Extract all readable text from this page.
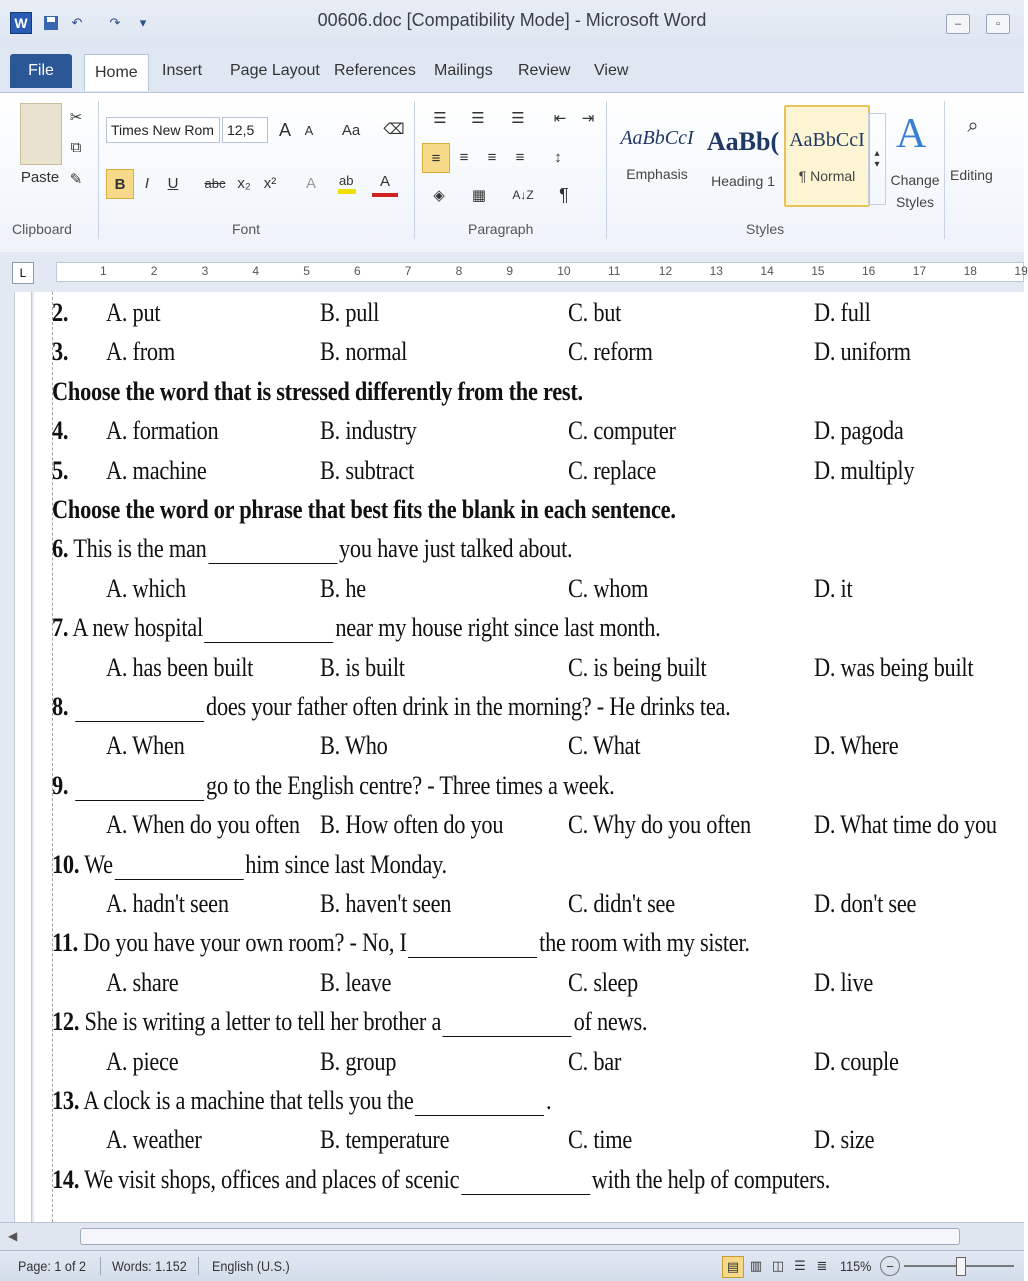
W	↶	↷	▾	00606.doc [Compatibility Mode] - Microsoft Word	–	▫
File	Home	Insert	Page Layout References	Mailings	Review	View
Paste
✂
⧉
✎
Clipboard
Times New Rom 12,5	A	A	Aa	⌫
B	I	U	abc x₂ x²	A	ab	A
Font
☰	☰	☰	⇤	⇥
≡	≡	≡	≡	↕
◈	▦	A↓Z	¶
Paragraph
AaBbCcI
Emphasis
AaBb(
Heading 1
AaBbCcI
¶ Normal
▴
▾
A
Change Styles
Styles
⌕
Editing
L	1	2	3	4	5	6	7	8	9	10	11	12	13	14	15	16	17	18	19
2. A. put	B. pull	C. but	D. full
3. A. from	B. normal	C. reform	D. uniform
Choose the word that is stressed differently from the rest.
4. A. formation	B. industry	C. computer	D. pagoda
5. A. machine	B. subtract	C. replace	D. multiply
Choose the word or phrase that best fits the blank in each sentence.
6. This is the man	you have just talked about.
A. which	B. he	C. whom	D. it
7. A new hospital	near my house right since last month.
A. has been built	B. is built	C. is being built	D. was being built
8.	does your father often drink in the morning? - He drinks tea.
A. When	B. Who	C. What	D. Where
9.	go to the English centre? - Three times a week.
A. When do you often B. How often do you C. Why do you often D. What time do you
10. We	him since last Monday.
A. hadn't seen	B. haven't seen	C. didn't see	D. don't see
11. Do you have your own room? - No, I	the room with my sister.
A. share	B. leave	C. sleep	D. live
12. She is writing a letter to tell her brother a	of news.
A. piece	B. group	C. bar	D. couple
13. A clock is a machine that tells you the	.
A. weather	B. temperature	C. time	D. size
14. We visit shops, offices and places of scenic	with the help of computers.
◀
Page: 1 of 2 Words: 1.152 English (U.S.)	▤ ▥ ◫ ☰ ≣ 115%	−
